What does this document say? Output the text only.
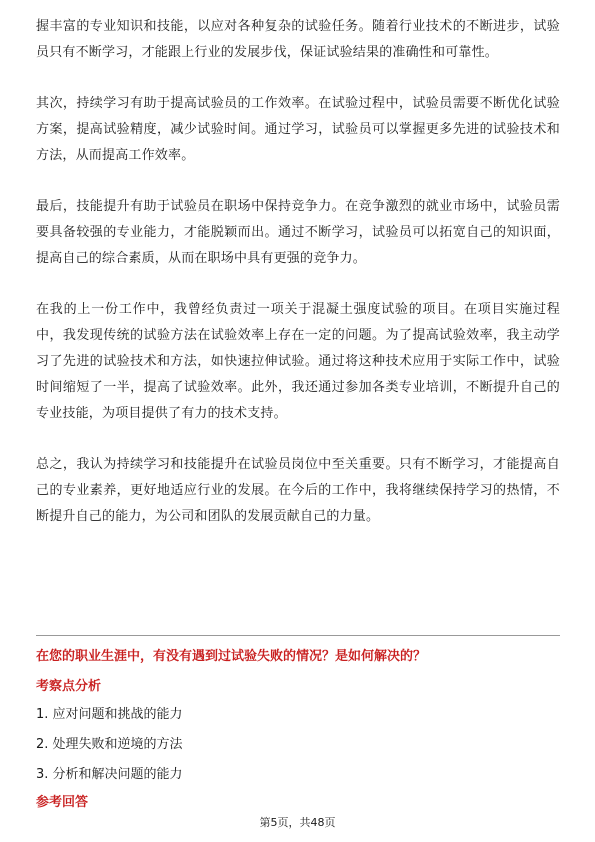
握丰富的专业知识和技能，以应对各种复杂的试验任务。随着行业技术的不断进步，试验员只有不断学习，才能跟上行业的发展步伐，保证试验结果的准确性和可靠性。

其次，持续学习有助于提高试验员的工作效率。在试验过程中，试验员需要不断优化试验方案，提高试验精度，减少试验时间。通过学习，试验员可以掌握更多先进的试验技术和方法，从而提高工作效率。

最后，技能提升有助于试验员在职场中保持竞争力。在竞争激烈的就业市场中，试验员需要具备较强的专业能力，才能脱颖而出。通过不断学习，试验员可以拓宽自己的知识面，提高自己的综合素质，从而在职场中具有更强的竞争力。

在我的上一份工作中，我曾经负责过一项关于混凝土强度试验的项目。在项目实施过程中，我发现传统的试验方法在试验效率上存在一定的问题。为了提高试验效率，我主动学习了先进的试验技术和方法，如快速拉伸试验。通过将这种技术应用于实际工作中，试验时间缩短了一半，提高了试验效率。此外，我还通过参加各类专业培训，不断提升自己的专业技能，为项目提供了有力的技术支持。

总之，我认为持续学习和技能提升在试验员岗位中至关重要。只有不断学习，才能提高自己的专业素养，更好地适应行业的发展。在今后的工作中，我将继续保持学习的热情，不断提升自己的能力，为公司和团队的发展贡献自己的力量。

在您的职业生涯中，有没有遇到过试验失败的情况？是如何解决的？

考察点分析

1. 应对问题和挑战的能力
2. 处理失败和逆境的方法
3. 分析和解决问题的能力

参考回答

第5页，共48页
